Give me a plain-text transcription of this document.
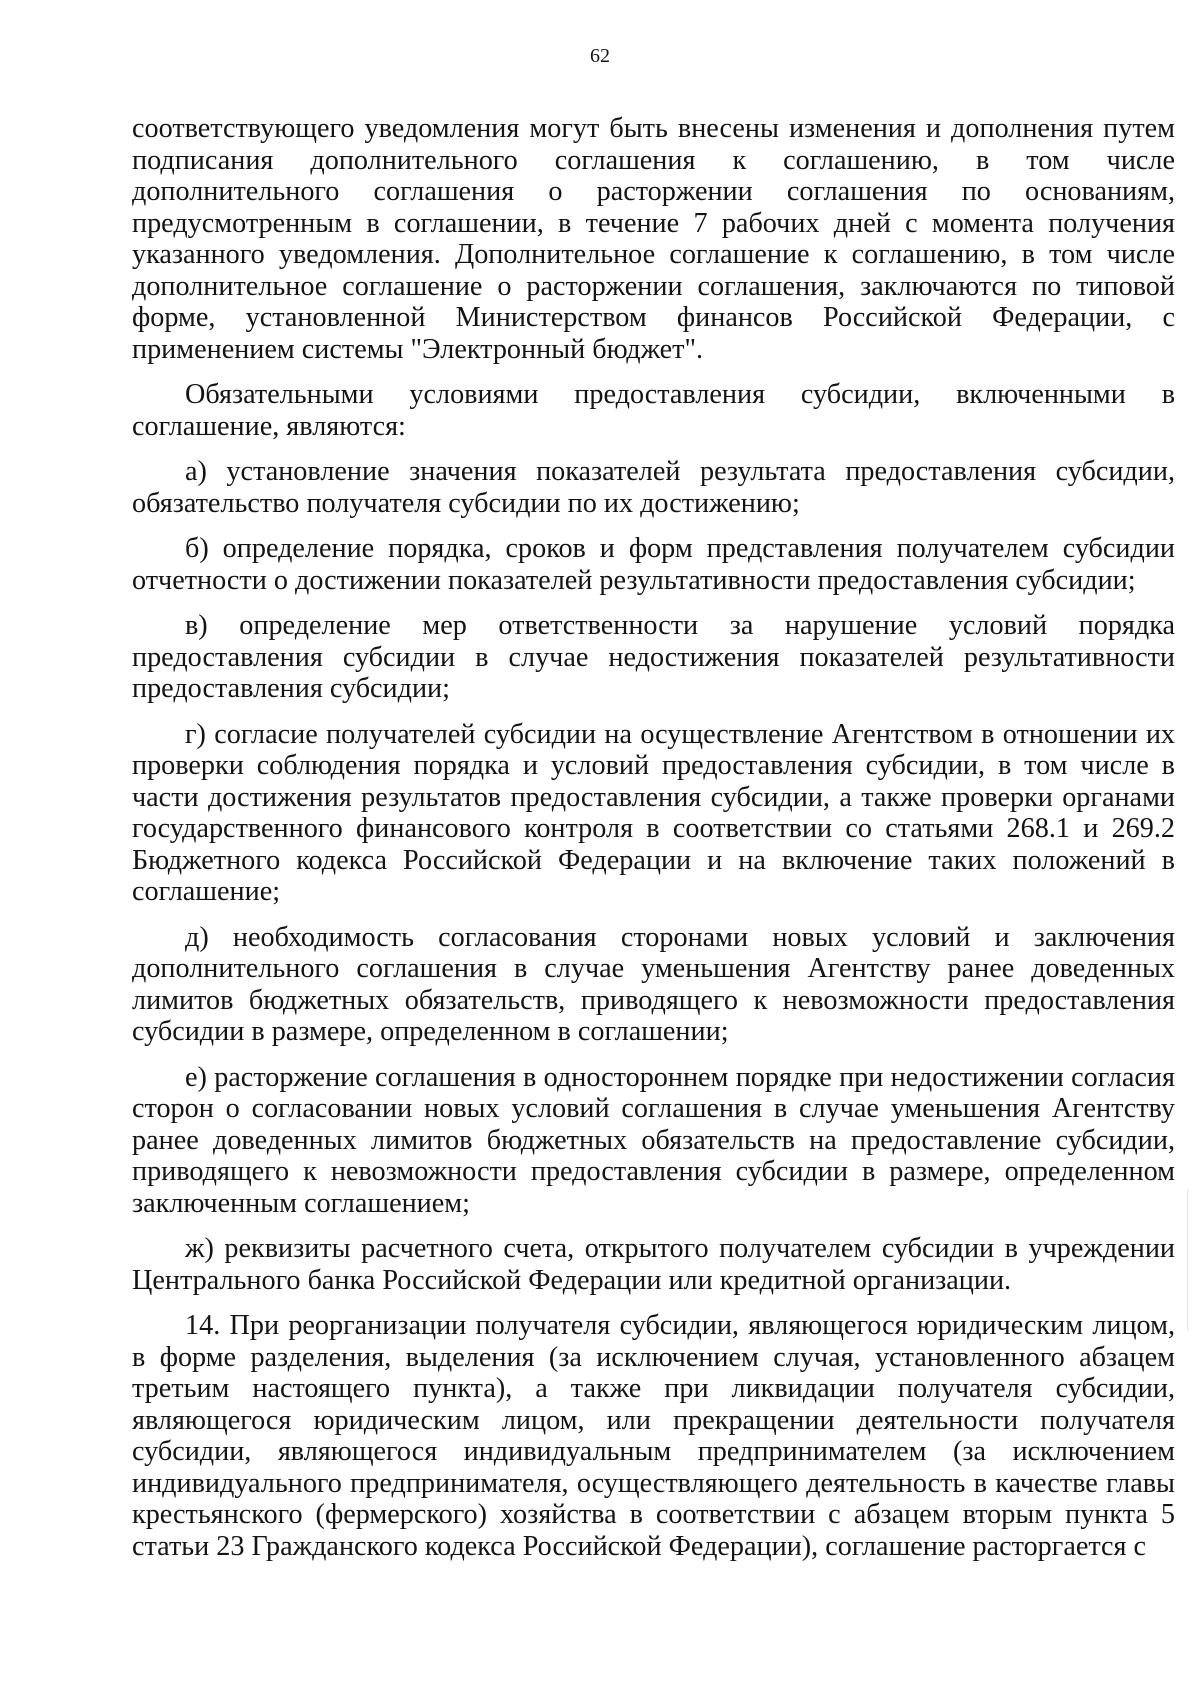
62

соответствующего уведомления могут быть внесены изменения и дополнения путем подписания дополнительного соглашения к соглашению, в том числе дополнительного соглашения о расторжении соглашения по основаниям, предусмотренным в соглашении, в течение 7 рабочих дней с момента получения указанного уведомления. Дополнительное соглашение к соглашению, в том числе дополнительное соглашение о расторжении соглашения, заключаются по типовой форме, установленной Министерством финансов Российской Федерации, с применением системы "Электронный бюджет".

Обязательными условиями предоставления субсидии, включенными в соглашение, являются:

а) установление значения показателей результата предоставления субсидии, обязательство получателя субсидии по их достижению;

б) определение порядка, сроков и форм представления получателем субсидии отчетности о достижении показателей результативности предоставления субсидии;

в) определение мер ответственности за нарушение условий порядка предоставления субсидии в случае недостижения показателей результативности предоставления субсидии;

г) согласие получателей субсидии на осуществление Агентством в отношении их проверки соблюдения порядка и условий предоставления субсидии, в том числе в части достижения результатов предоставления субсидии, а также проверки органами государственного финансового контроля в соответствии со статьями 268.1 и 269.2 Бюджетного кодекса Российской Федерации и на включение таких положений в соглашение;

д) необходимость согласования сторонами новых условий и заключения дополнительного соглашения в случае уменьшения Агентству ранее доведенных лимитов бюджетных обязательств, приводящего к невозможности предоставления субсидии в размере, определенном в соглашении;

е) расторжение соглашения в одностороннем порядке при недостижении согласия сторон о согласовании новых условий соглашения в случае уменьшения Агентству ранее доведенных лимитов бюджетных обязательств на предоставление субсидии, приводящего к невозможности предоставления субсидии в размере, определенном заключенным соглашением;

ж) реквизиты расчетного счета, открытого получателем субсидии в учреждении Центрального банка Российской Федерации или кредитной организации.

14. При реорганизации получателя субсидии, являющегося юридическим лицом, в форме разделения, выделения (за исключением случая, установленного абзацем третьим настоящего пункта), а также при ликвидации получателя субсидии, являющегося юридическим лицом, или прекращении деятельности получателя субсидии, являющегося индивидуальным предпринимателем (за исключением индивидуального предпринимателя, осуществляющего деятельность в качестве главы крестьянского (фермерского) хозяйства в соответствии с абзацем вторым пункта 5 статьи 23 Гражданского кодекса Российской Федерации), соглашение расторгается с
